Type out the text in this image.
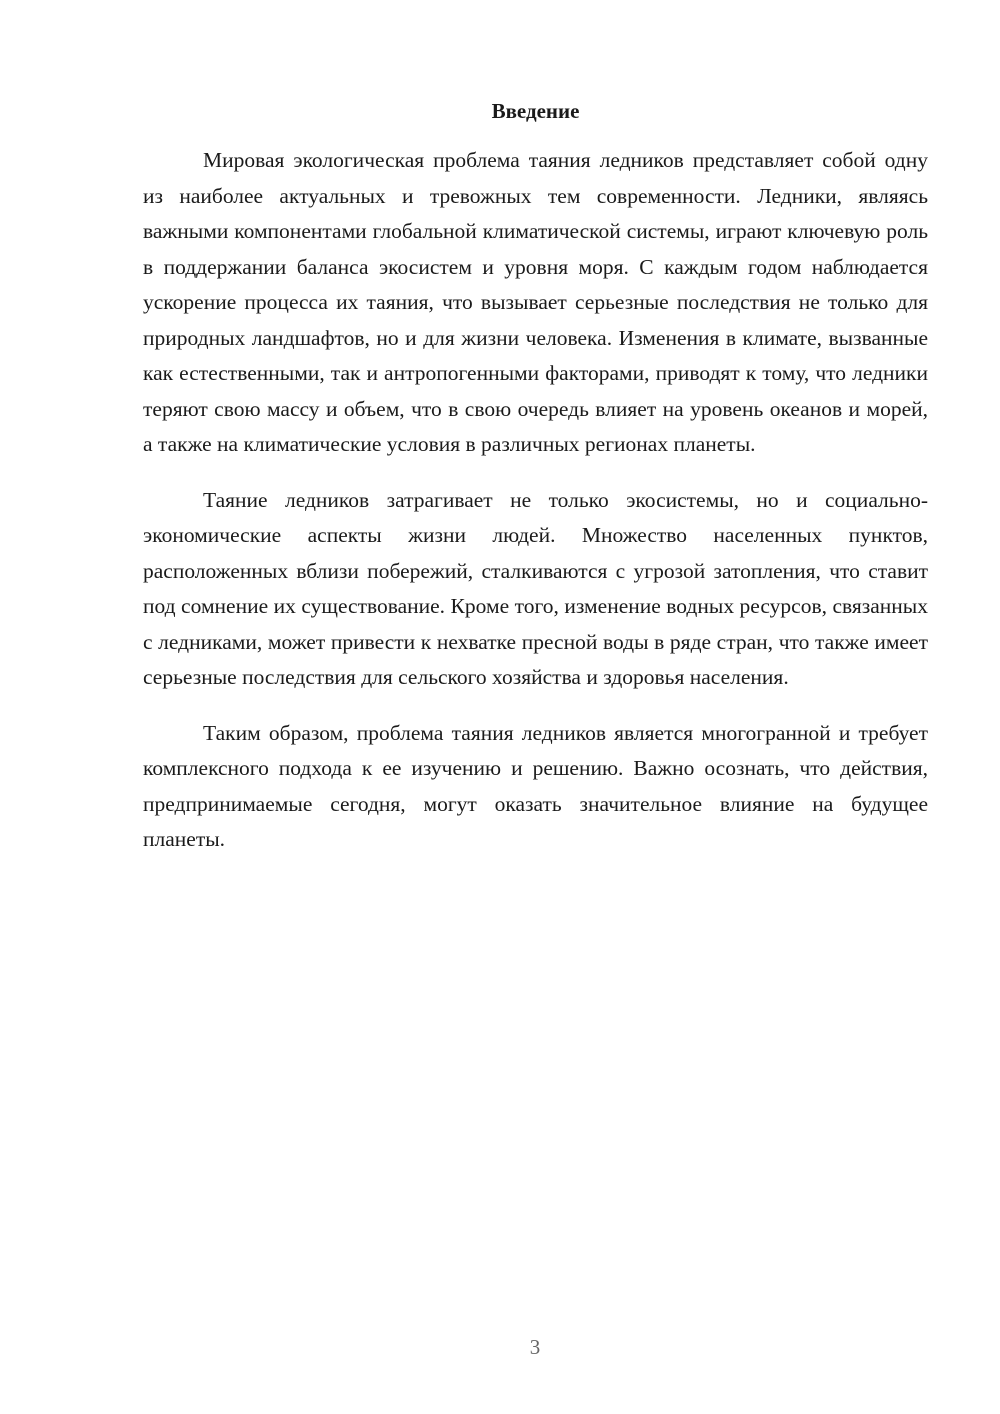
Введение

Мировая экологическая проблема таяния ледников представляет собой одну из наиболее актуальных и тревожных тем современности. Ледники, являясь важными компонентами глобальной климатической системы, играют ключевую роль в поддержании баланса экосистем и уровня моря. С каждым годом наблюдается ускорение процесса их таяния, что вызывает серьезные последствия не только для природных ландшафтов, но и для жизни человека. Изменения в климате, вызванные как естественными, так и антропогенными факторами, приводят к тому, что ледники теряют свою массу и объем, что в свою очередь влияет на уровень океанов и морей, а также на климатические условия в различных регионах планеты.

Таяние ледников затрагивает не только экосистемы, но и социально-экономические аспекты жизни людей. Множество населенных пунктов, расположенных вблизи побережий, сталкиваются с угрозой затопления, что ставит под сомнение их существование. Кроме того, изменение водных ресурсов, связанных с ледниками, может привести к нехватке пресной воды в ряде стран, что также имеет серьезные последствия для сельского хозяйства и здоровья населения.

Таким образом, проблема таяния ледников является многогранной и требует комплексного подхода к ее изучению и решению. Важно осознать, что действия, предпринимаемые сегодня, могут оказать значительное влияние на будущее планеты.

3
